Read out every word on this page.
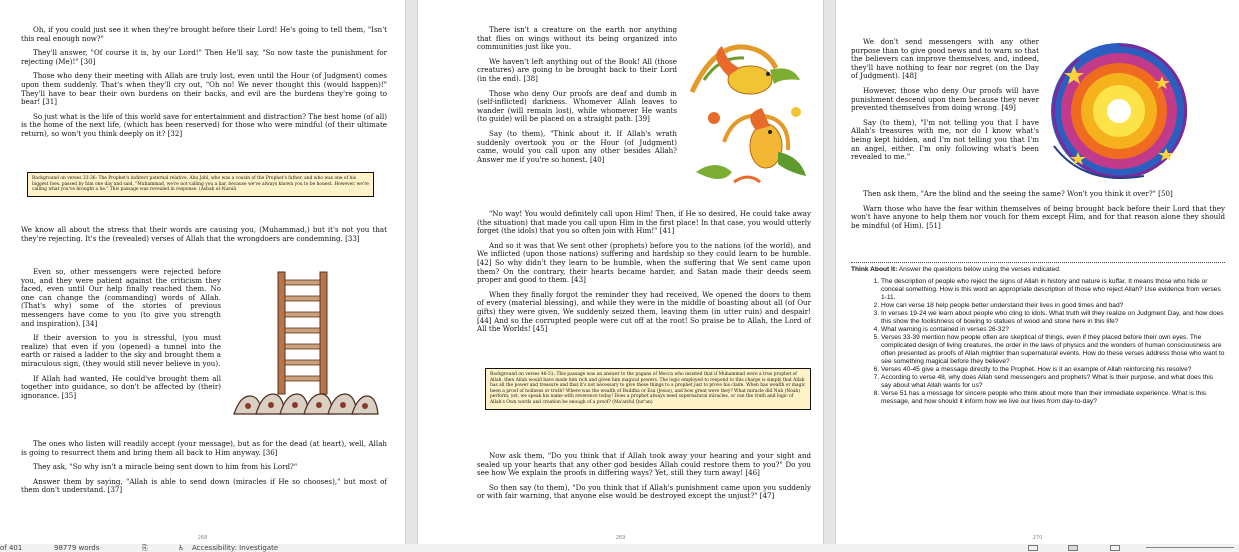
Oh, if you could just see it when they're brought before their Lord! He's going to tell them, "Isn't this real enough now?"

They'll answer, "Of course it is, by our Lord!" Then He'll say, "So now taste the punishment for rejecting (Me)!" [30]

Those who deny their meeting with Allah are truly lost, even until the Hour (of Judgment) comes upon them suddenly. That's when they'll cry out, "Oh no! We never thought this (would happen)!" They'll have to bear their own burdens on their backs, and evil are the burdens they're going to bear! [31]

So just what is the life of this world save for entertainment and distraction? The best home (of all) is the home of the next life, (which has been reserved) for those who were mindful (of their ultimate return), so won't you think deeply on it? [32]

Background on verses 33-36: The Prophet's indirect paternal relative, Abu Jahl, who was a cousin of the Prophet's father, and who was one of his biggest foes, passed by him one day and said, "Muhammad, we're not calling you a liar, because we've always known you to be honest. However, we're calling what you've brought a lie." This passage was revealed in response. (Asbab ul-Nuzul)
We know all about the stress that their words are causing you, (Muhammad,) but it's not you that they're rejecting. It's the (revealed) verses of Allah that the wrongdoers are condemning. [33]

Even so, other messengers were rejected before you, and they were patient against the criticism they faced, even until Our help finally reached them. No one can change the (commanding) words of Allah. (That's why) some of the stories of previous messengers have come to you (to give you strength and inspiration). [34]

If their aversion to you is stressful, (you must realize) that even if you (opened) a tunnel into the earth or raised a ladder to the sky and brought them a miraculous sign, (they would still never believe in you).

If Allah had wanted, He could've brought them all together into guidance, so don't be affected by (their) ignorance. [35]

The ones who listen will readily accept (your message), but as for the dead (at heart), well, Allah is going to resurrect them and bring them all back to Him anyway. [36]

They ask, "So why isn't a miracle being sent down to him from his Lord?"

Answer them by saying, "Allah is able to send down (miracles if He so chooses)," but most of them don't understand. [37]

268

There isn't a creature on the earth nor anything that flies on wings without its being organized into communities just like you.

We haven't left anything out of the Book! All (those creatures) are going to be brought back to their Lord (in the end). [38]

Those who deny Our proofs are deaf and dumb in (self-inflicted) darkness. Whomever Allah leaves to wander (will remain lost), while whomever He wants (to guide) will be placed on a straight path. [39]

Say (to them), "Think about it. If Allah's wrath suddenly overtook you or the Hour (of Judgment) came, would you call upon any other besides Allah? Answer me if you're so honest. [40]

"No way! You would definitely call upon Him! Then, if He so desired, He could take away (the situation) that made you call upon Him in the first place! In that case, you would utterly forget (the idols) that you so often join with Him!" [41]

And so it was that We sent other (prophets) before you to the nations (of the world), and We inflicted (upon those nations) suffering and hardship so they could learn to be humble. [42] So why didn't they learn to be humble, when the suffering that We sent came upon them? On the contrary, their hearts became harder, and Satan made their deeds seem proper and good to them. [43]

When they finally forgot the reminder they had received, We opened the doors to them of every (material blessing), and while they were in the middle of boasting about all (of Our gifts) they were given, We suddenly seized them, leaving them (in utter ruin) and despair! [44] And so the corrupted people were cut off at the root! So praise be to Allah, the Lord of All the Worlds! [45]

Background on verses 46-51: This passage was an answer to the pagans of Mecca who insisted that if Muhammad were a true prophet of Allah, then Allah would have made him rich and given him magical powers. The logic employed to respond to this charge is simply that Allah has all the power and treasure and that it's not necessary to give these things to a prophet just to prove his claim. When has wealth or magic been a proof of holiness or truth? Where was the wealth of Buddha or Esa (Jesus), and how great were they? What miracle did Nuh (Noah) perform; yet, we speak his name with reverence today! Does a prophet always need supernatural miracles, or can the truth and logic of Allah's Own words and creation be enough of a proof? (Ma'ariful Qur'an)

Now ask them, "Do you think that if Allah took away your hearing and your sight and sealed up your hearts that any other god besides Allah could restore them to you?" Do you see how We explain the proofs in differing ways? Yet, still they turn away! [46]

So then say (to them), "Do you think that if Allah's punishment came upon you suddenly or with fair warning, that anyone else would be destroyed except the unjust?" [47]

269

We don't send messengers with any other purpose than to give good news and to warn so that the believers can improve themselves, and, indeed, they'll have nothing to fear nor regret (on the Day of Judgment). [48]

However, those who deny Our proofs will have punishment descend upon them because they never prevented themselves from doing wrong. [49]

Say (to them), "I'm not telling you that I have Allah's treasures with me, nor do I know what's being kept hidden, and I'm not telling you that I'm an angel, either. I'm only following what's been revealed to me."

Then ask them, "Are the blind and the seeing the same? Won't you think it over?" [50]

Warn those who have the fear within themselves of being brought back before their Lord that they won't have anyone to help them nor vouch for them except Him, and for that reason alone they should be mindful (of Him). [51]

Think About It: Answer the questions below using the verses indicated.
1. The description of people who reject the signs of Allah in history and nature is kuffar. It means those who hide or conceal something. How is this word an appropriate description of those who reject Allah? Use evidence from verses 1-11.
2. How can verse 18 help people better understand their lives in good times and bad?
3. In verses 19-24 we learn about people who cling to idols. What truth will they realize on Judgment Day, and how does this show the foolishness of bowing to statues of wood and stone here in this life?
4. What warning is contained in verses 26-32?
5. Verses 33-39 mention how people often are skeptical of things, even if they placed before their own eyes. The complicated design of living creatures, the order in the laws of physics and the wonders of human consciousness are often presented as proofs of Allah mightier than supernatural events. How do these verses address those who want to see something magical before they believe?
6. Verses 40-45 give a message directly to the Prophet. How is it an example of Allah reinforcing his resolve?
7. According to verse 48, why does Allah send messengers and prophets? What is their purpose, and what does this say about what Allah wants for us?
8. Verse 51 has a message for sincere people who think about more than their immediate experience. What is this message, and how should it inform how we live our lives from day-to-day?
270
of 401	98779 words	⎘	♿ Accessibility: Investigate
